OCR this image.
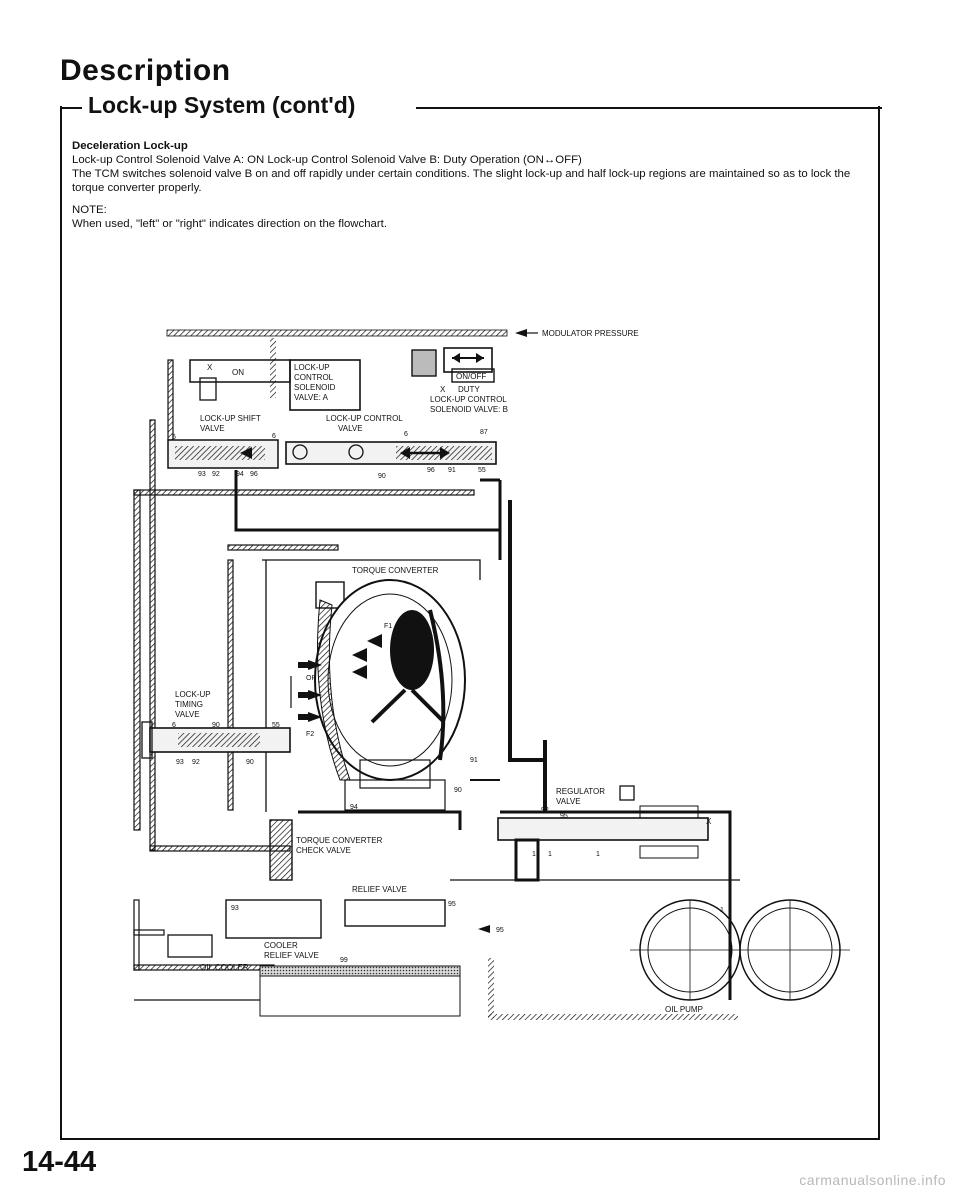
Description
Lock-up System (cont'd)

Deceleration Lock-up

Lock-up Control Solenoid Valve A: ON Lock-up Control Solenoid Valve B: Duty Operation (ON↔OFF)

The TCM switches solenoid valve B on and off rapidly under certain conditions. The slight lock-up and half lock-up regions are maintained so as to lock the torque converter properly.

NOTE:

When used, "left" or "right" indicates direction on the flowchart.

MODULATOR PRESSURE
ON
X
LOCK-UP SHIFT
VALVE
6	6
93 92 94 96
LOCK-UP
CONTROL
SOLENOID
VALVE: A
ON/OFF
X DUTY
LOCK-UP CONTROL
SOLENOID VALVE: B
LOCK-UP CONTROL
VALVE
6	87
90
91	55
96
TORQUE CONVERTER
F1
91
90
94
OR
F2
LOCK-UP
TIMING
VALVE
6	90	55
93 92	90
TORQUE CONVERTER
CHECK VALVE
REGULATOR
VALVE
95
92
X
1 1	1
RELIEF VALVE
93
95
95
COOLER
RELIEF VALVE
99
OIL COOLER
OIL PUMP
1
14-44
carmanualsonline.info
